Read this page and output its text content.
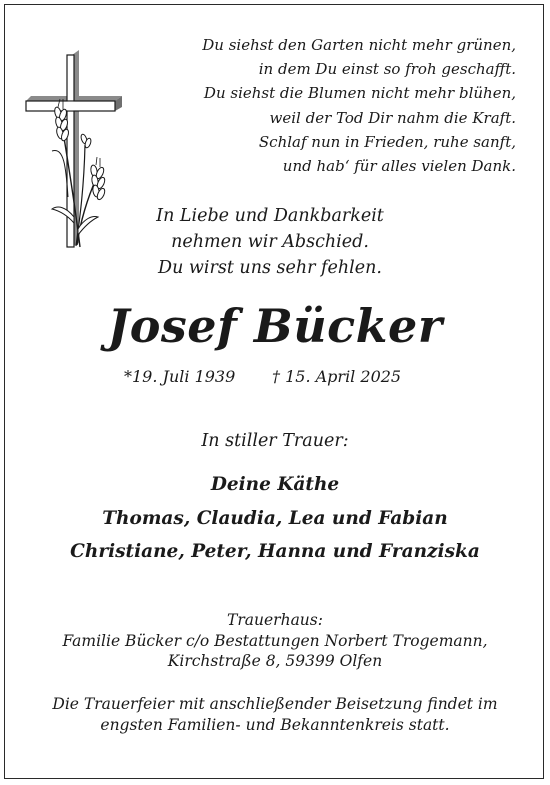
Du siehst den Garten nicht mehr grünen,
in dem Du einst so froh geschafft.
Du siehst die Blumen nicht mehr blühen,
weil der Tod Dir nahm die Kraft.
Schlaf nun in Frieden, ruhe sanft,
und hab‘ für alles vielen Dank.
In Liebe und Dankbarkeit
nehmen wir Abschied.
Du wirst uns sehr fehlen.
Josef Bücker
*19. Juli 1939 † 15. April 2025
In stiller Trauer:
Deine Käthe
Thomas, Claudia, Lea und Fabian
Christiane, Peter, Hanna und Franziska
Trauerhaus:
Familie Bücker c/o Bestattungen Norbert Trogemann,
Kirchstraße 8, 59399 Olfen
Die Trauerfeier mit anschließender Beisetzung findet im
engsten Familien- und Bekanntenkreis statt.
